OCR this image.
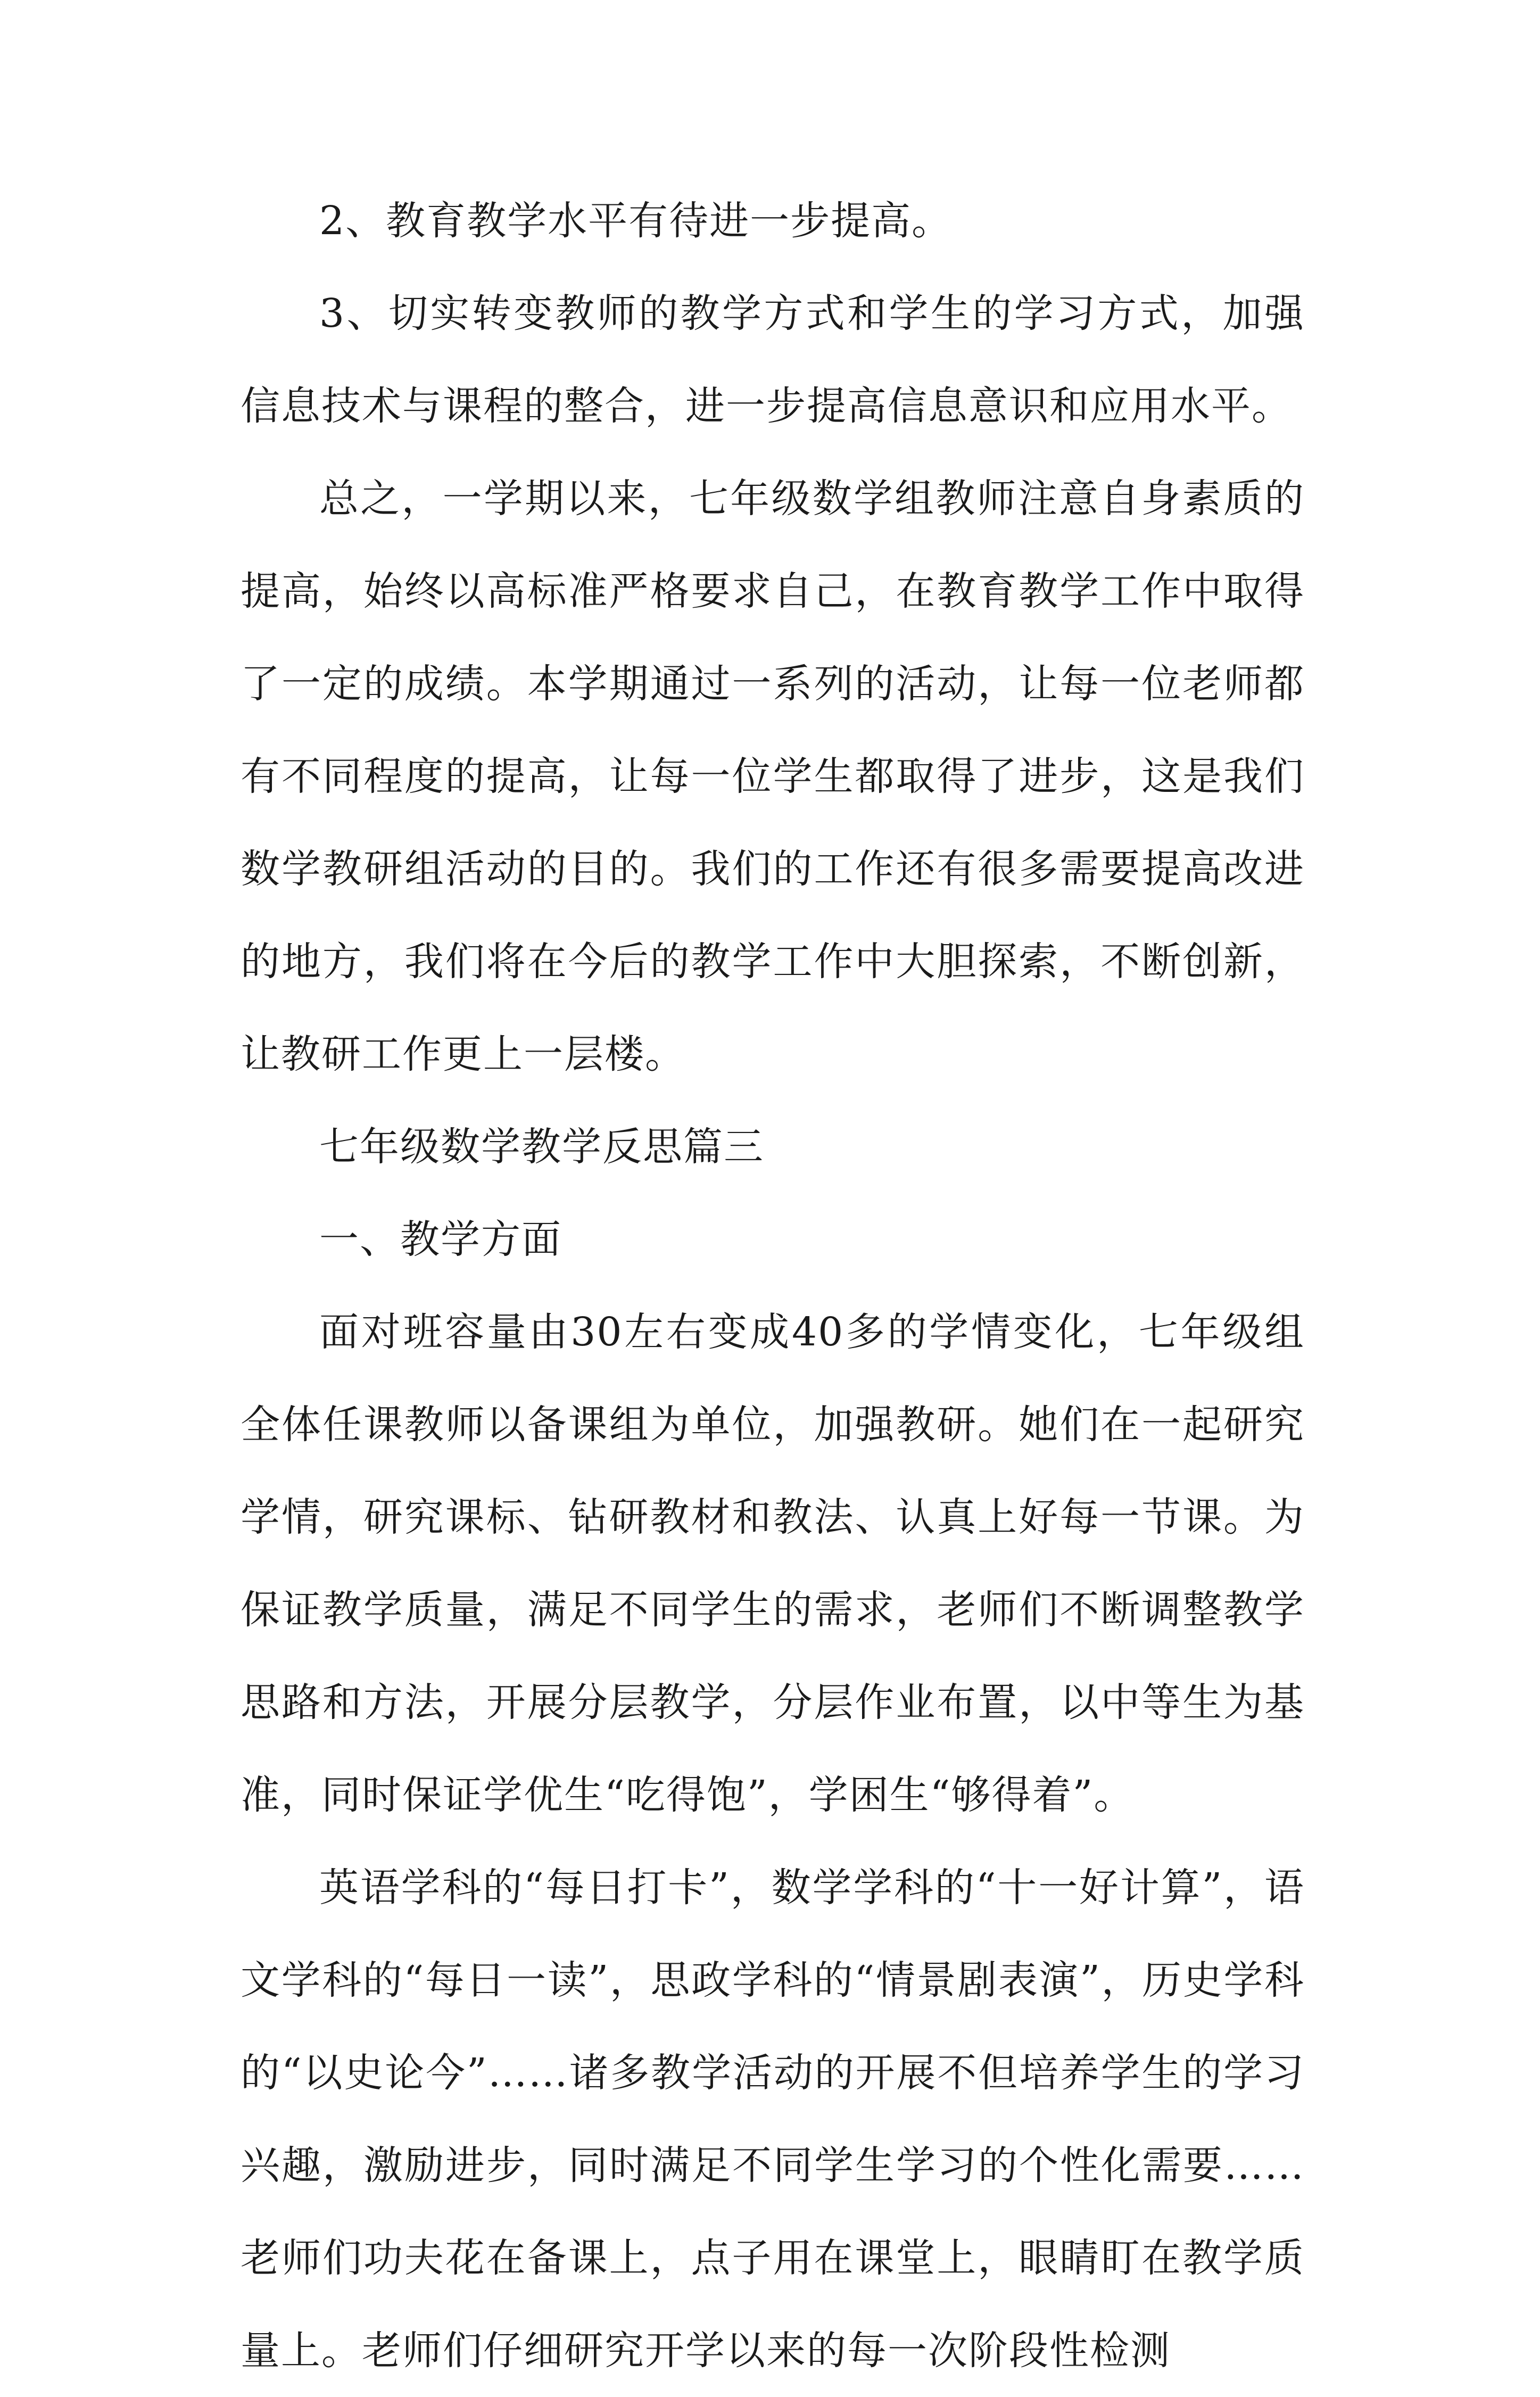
2、教育教学水平有待进一步提高。

3、切实转变教师的教学方式和学生的学习方式，加强信息技术与课程的整合，进一步提高信息意识和应用水平。

总之，一学期以来，七年级数学组教师注意自身素质的提高，始终以高标准严格要求自己，在教育教学工作中取得了一定的成绩。本学期通过一系列的活动，让每一位老师都有不同程度的提高，让每一位学生都取得了进步，这是我们数学教研组活动的目的。我们的工作还有很多需要提高改进的地方，我们将在今后的教学工作中大胆探索，不断创新，让教研工作更上一层楼。

七年级数学教学反思篇三

一、教学方面

面对班容量由30左右变成40多的学情变化，七年级组全体任课教师以备课组为单位，加强教研。她们在一起研究学情，研究课标、钻研教材和教法、认真上好每一节课。为保证教学质量，满足不同学生的需求，老师们不断调整教学思路和方法，开展分层教学，分层作业布置，以中等生为基准，同时保证学优生“吃得饱”，学困生“够得着”。

英语学科的“每日打卡”，数学学科的“十一好计算”，语文学科的“每日一读”，思政学科的“情景剧表演”，历史学科的“以史论今”……诸多教学活动的开展不但培养学生的学习兴趣，激励进步，同时满足不同学生学习的个性化需要……老师们功夫花在备课上，点子用在课堂上，眼睛盯在教学质量上。老师们仔细研究开学以来的每一次阶段性检测
